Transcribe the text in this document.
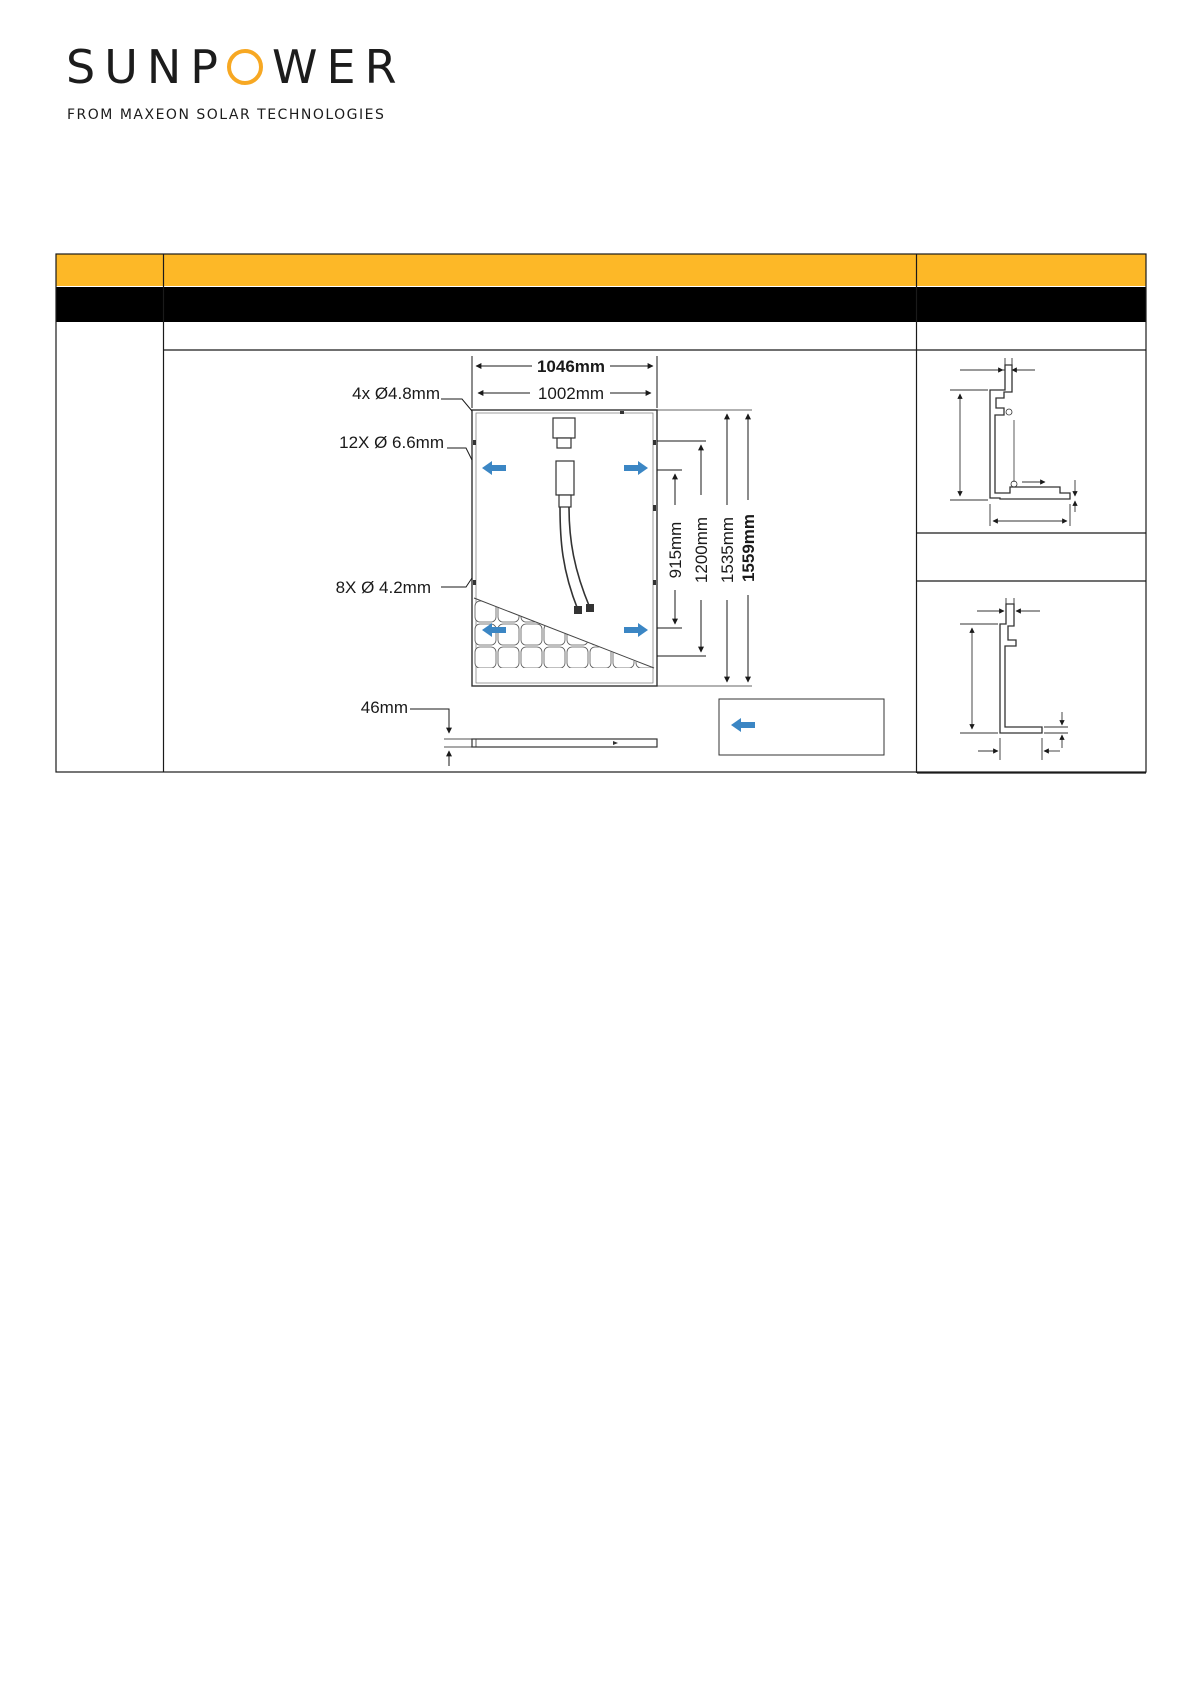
SUNP WER
FROM MAXEON SOLAR TECHNOLOGIES
1046mm
1002mm
4x Ø4.8mm
12X Ø 6.6mm
8X Ø 4.2mm
915mm 1200mm 1535mm 1559mm
46mm
